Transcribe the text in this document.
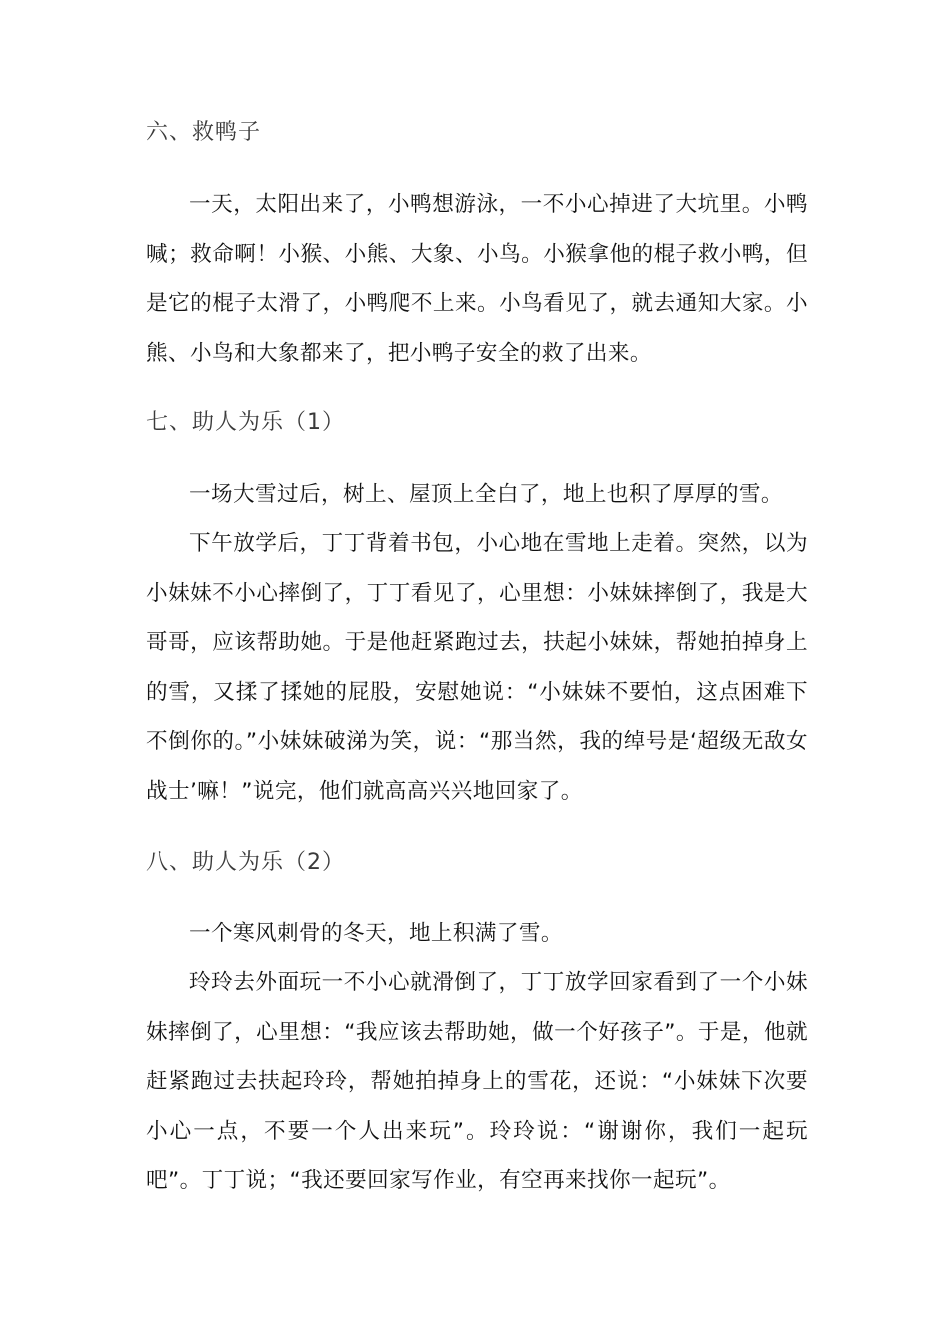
六、救鸭子

一天，太阳出来了，小鸭想游泳，一不小心掉进了大坑里。小鸭喊；救命啊！小猴、小熊、大象、小鸟。小猴拿他的棍子救小鸭，但是它的棍子太滑了，小鸭爬不上来。小鸟看见了，就去通知大家。小熊、小鸟和大象都来了，把小鸭子安全的救了出来。

七、助人为乐（1）

一场大雪过后，树上、屋顶上全白了，地上也积了厚厚的雪。

下午放学后，丁丁背着书包，小心地在雪地上走着。突然，以为小妹妹不小心摔倒了，丁丁看见了，心里想：小妹妹摔倒了，我是大哥哥，应该帮助她。于是他赶紧跑过去，扶起小妹妹，帮她拍掉身上的雪，又揉了揉她的屁股，安慰她说：“小妹妹不要怕，这点困难下不倒你的。”小妹妹破涕为笑，说：“那当然，我的绰号是‘超级无敌女战士’嘛！”说完，他们就高高兴兴地回家了。

八、助人为乐（2）

一个寒风刺骨的冬天，地上积满了雪。

玲玲去外面玩一不小心就滑倒了，丁丁放学回家看到了一个小妹妹摔倒了，心里想：“我应该去帮助她，做一个好孩子”。于是，他就赶紧跑过去扶起玲玲，帮她拍掉身上的雪花，还说：“小妹妹下次要小心一点，不要一个人出来玩”。玲玲说：“谢谢你，我们一起玩吧”。丁丁说；“我还要回家写作业，有空再来找你一起玩”。
